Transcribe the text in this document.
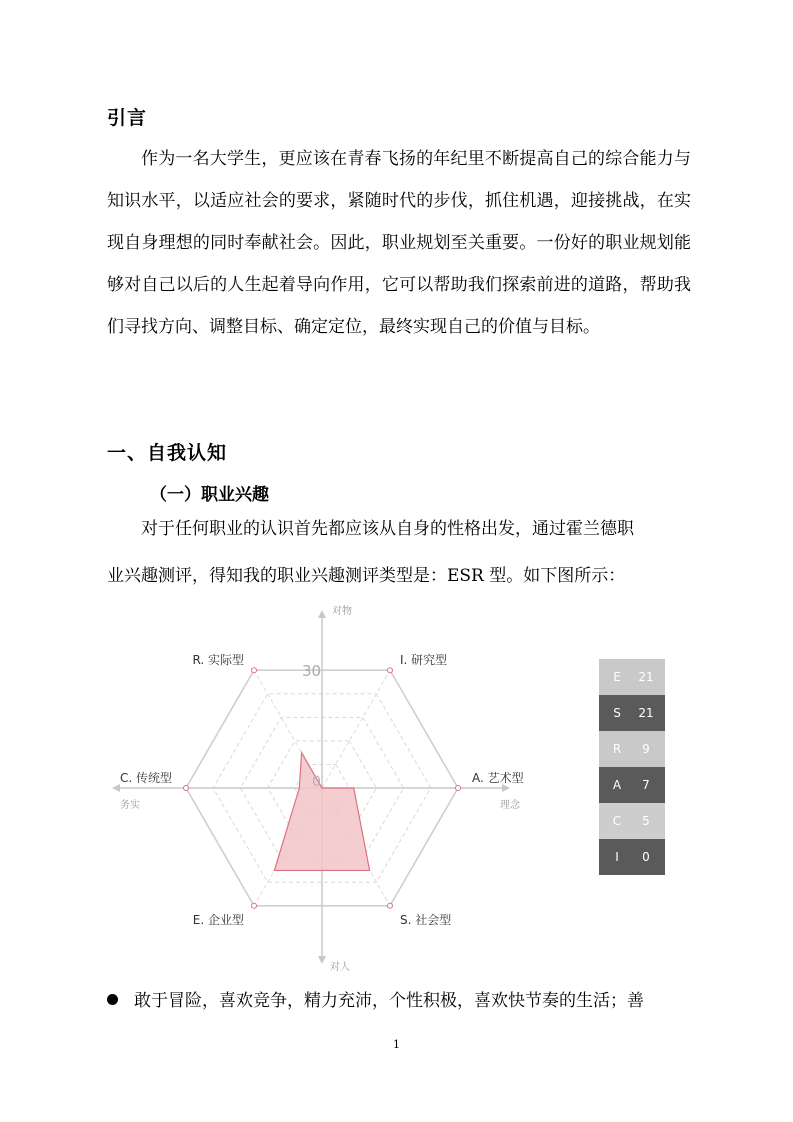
引言

作为一名大学生，更应该在青春飞扬的年纪里不断提高自己的综合能力与知识水平，以适应社会的要求，紧随时代的步伐，抓住机遇，迎接挑战，在实现自身理想的同时奉献社会。因此，职业规划至关重要。一份好的职业规划能够对自己以后的人生起着导向作用，它可以帮助我们探索前进的道路，帮助我们寻找方向、调整目标、确定定位，最终实现自己的价值与目标。

一、自我认知
（一）职业兴趣
对于任何职业的认识首先都应该从自身的性格出发，通过霍兰德职
业兴趣测评，得知我的职业兴趣测评类型是：ESR 型。如下图所示：
I. 研究型
A. 艺术型
S. 社会型
E. 企业型
C. 传统型
R. 实际型
30
0
对物
对人
务实	理念
E	21
S	21
R	9
A	7
C	5
I	0
敢于冒险，喜欢竞争，精力充沛，个性积极，喜欢快节奏的生活；善
1
